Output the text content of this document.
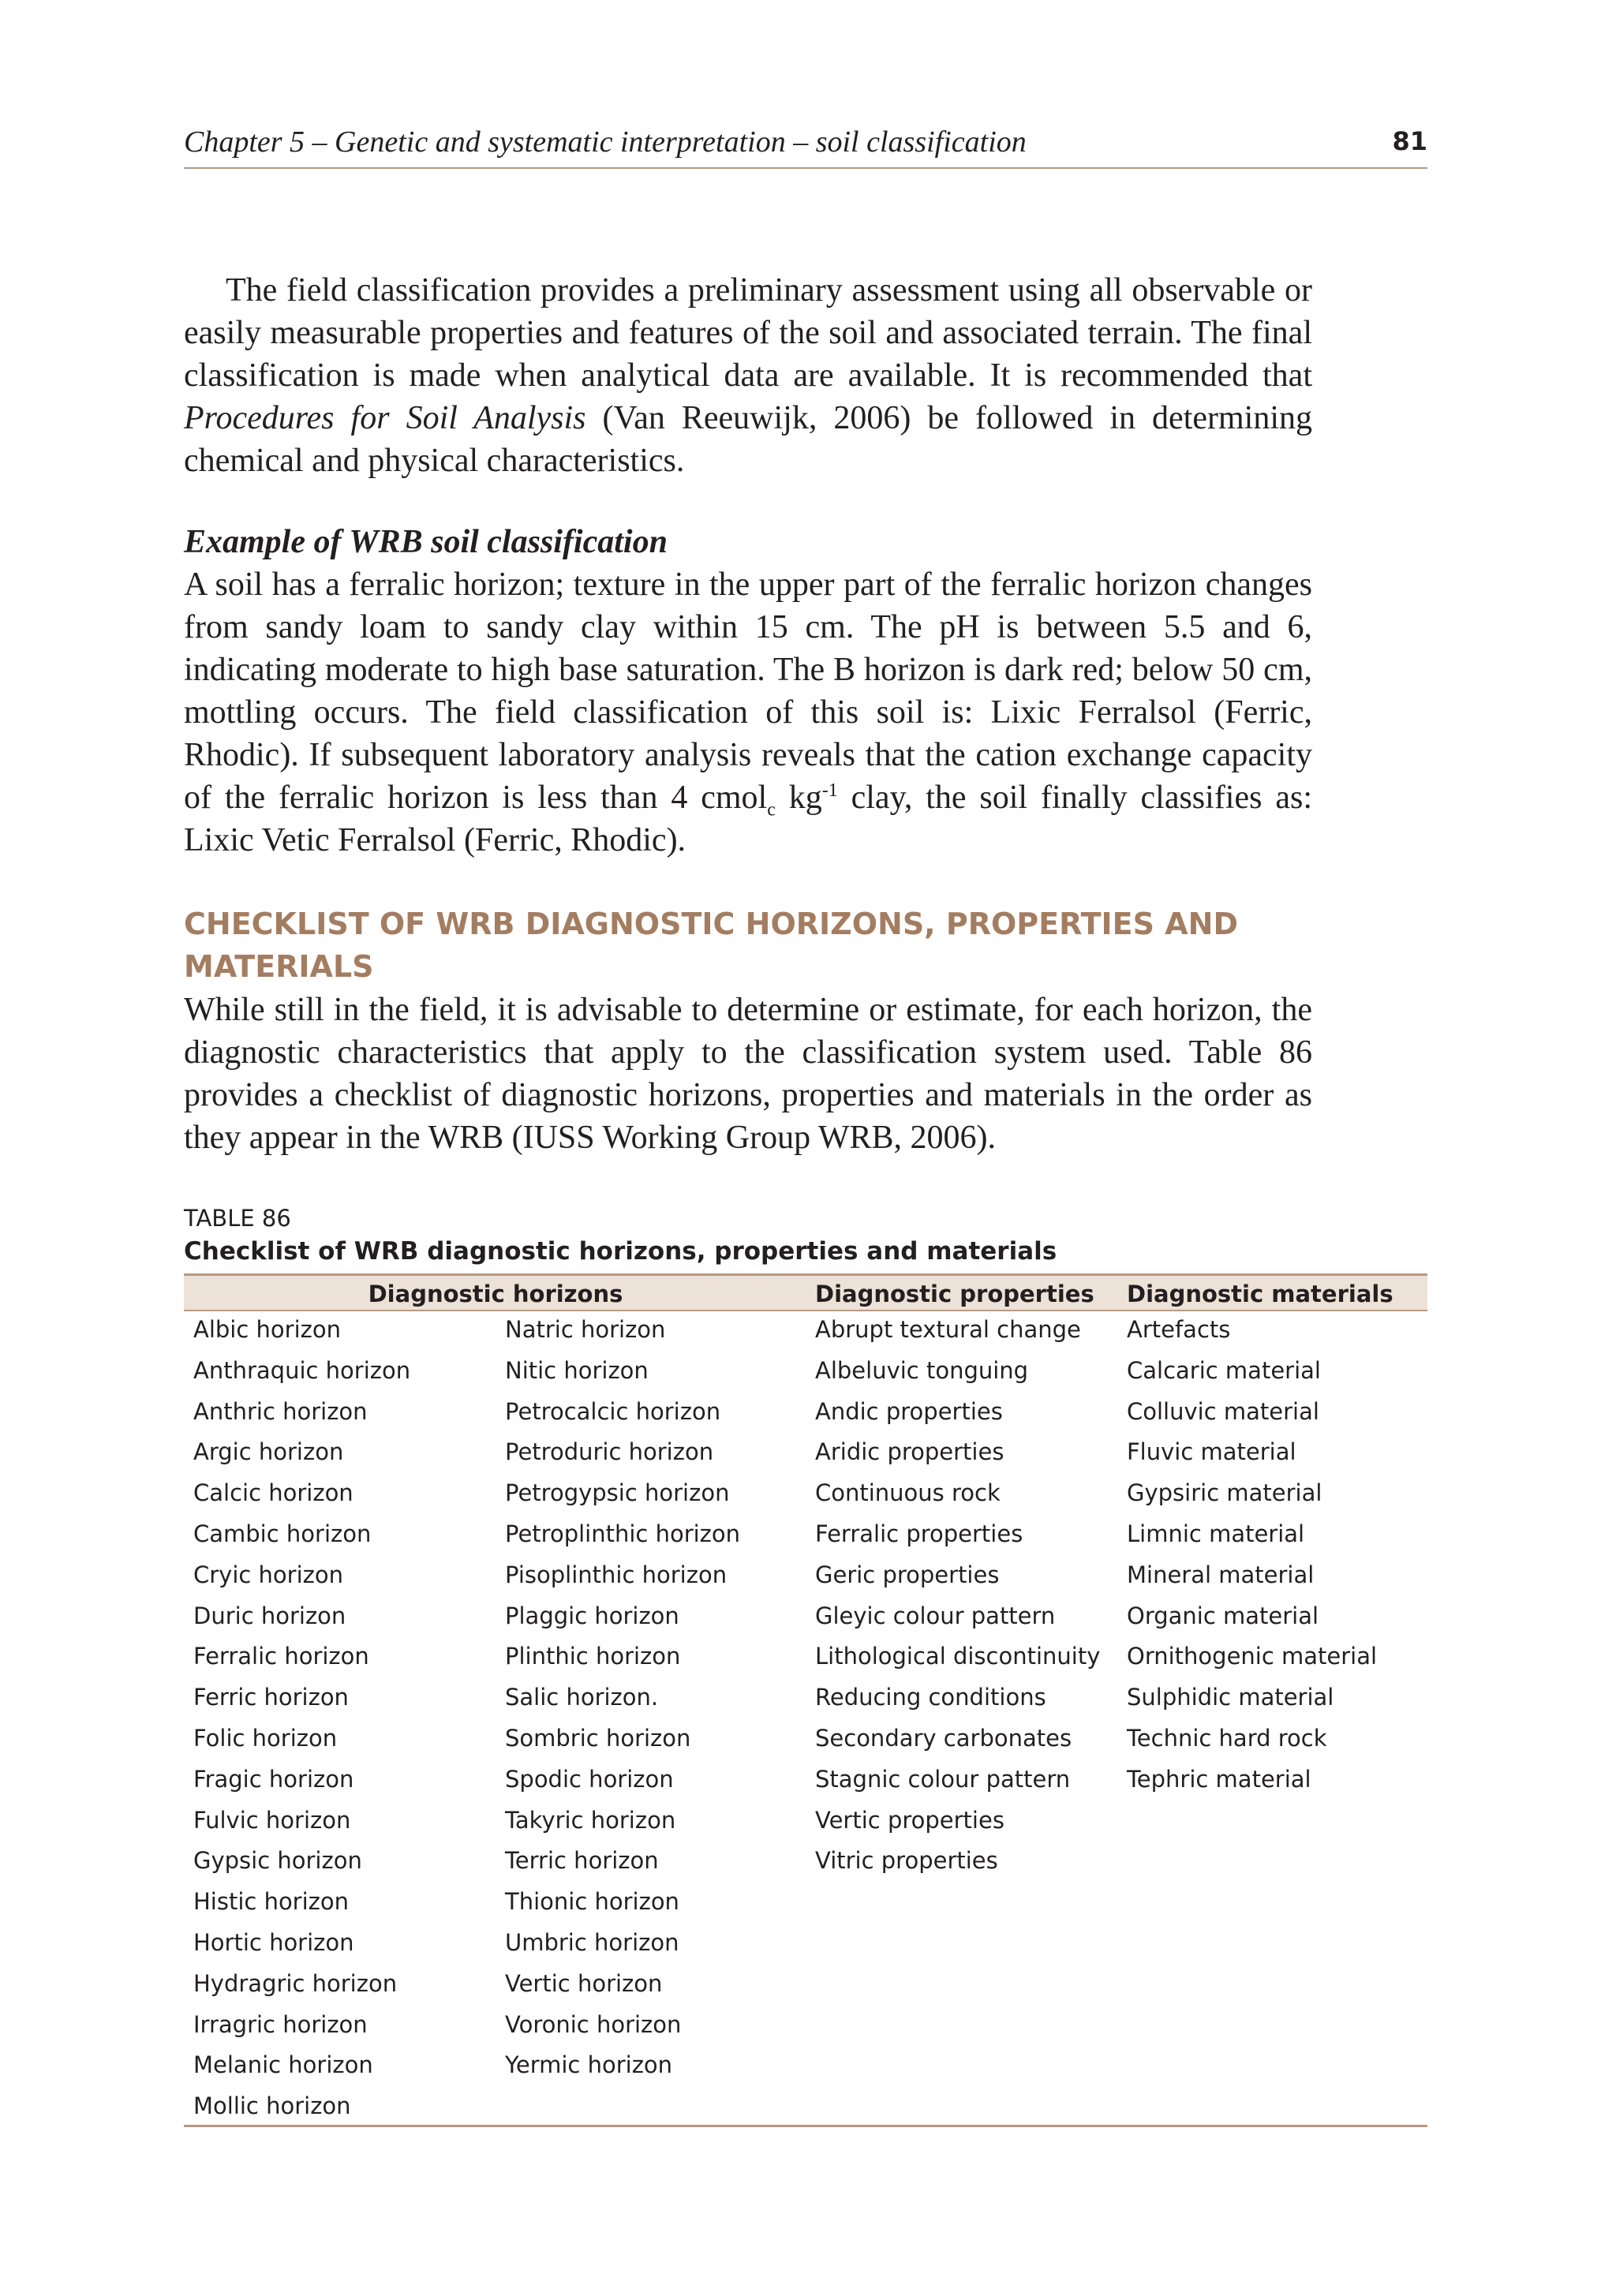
Chapter 5 – Genetic and systematic interpretation – soil classification	81

The field classification provides a preliminary assessment using all observable or easily measurable properties and features of the soil and associated terrain. The final classification is made when analytical data are available. It is recommended that Procedures for Soil Analysis (Van Reeuwijk, 2006) be followed in determining chemical and physical characteristics.

Example of WRB soil classification

A soil has a ferralic horizon; texture in the upper part of the ferralic horizon changes from sandy loam to sandy clay within 15 cm. The pH is between 5.5 and 6, indicating moderate to high base saturation. The B horizon is dark red; below 50 cm, mottling occurs. The field classification of this soil is: Lixic Ferralsol (Ferric, Rhodic). If subsequent laboratory analysis reveals that the cation exchange capacity of the ferralic horizon is less than 4 cmol$_c$ $kg^{-1}$ clay, the soil finally classifies as: Lixic Vetic Ferralsol (Ferric, Rhodic).

CHECKLIST OF WRB DIAGNOSTIC HORIZONS, PROPERTIES AND MATERIALS

While still in the field, it is advisable to determine or estimate, for each horizon, the diagnostic characteristics that apply to the classification system used. Table 86 provides a checklist of diagnostic horizons, properties and materials in the order as they appear in the WRB (IUSS Working Group WRB, 2006).

TABLE 86
Checklist of WRB diagnostic horizons, properties and materials
Diagnostic horizons	Diagnostic properties Diagnostic materials
Albic horizon
Anthraquic horizon
Anthric horizon
Argic horizon
Calcic horizon
Cambic horizon
Cryic horizon
Duric horizon
Ferralic horizon
Ferric horizon
Folic horizon
Fragic horizon
Fulvic horizon
Gypsic horizon
Histic horizon
Hortic horizon
Hydragric horizon
Irragric horizon
Melanic horizon
Mollic horizon
Natric horizon
Nitic horizon
Petrocalcic horizon
Petroduric horizon
Petrogypsic horizon
Petroplinthic horizon
Pisoplinthic horizon
Plaggic horizon
Plinthic horizon
Salic horizon.
Sombric horizon
Spodic horizon
Takyric horizon
Terric horizon
Thionic horizon
Umbric horizon
Vertic horizon
Voronic horizon
Yermic horizon
Abrupt textural change
Albeluvic tonguing
Andic properties
Aridic properties
Continuous rock
Ferralic properties
Geric properties
Gleyic colour pattern
Lithological discontinuity
Reducing conditions
Secondary carbonates
Stagnic colour pattern
Vertic properties
Vitric properties
Artefacts
Calcaric material
Colluvic material
Fluvic material
Gypsiric material
Limnic material
Mineral material
Organic material
Ornithogenic material
Sulphidic material
Technic hard rock
Tephric material
